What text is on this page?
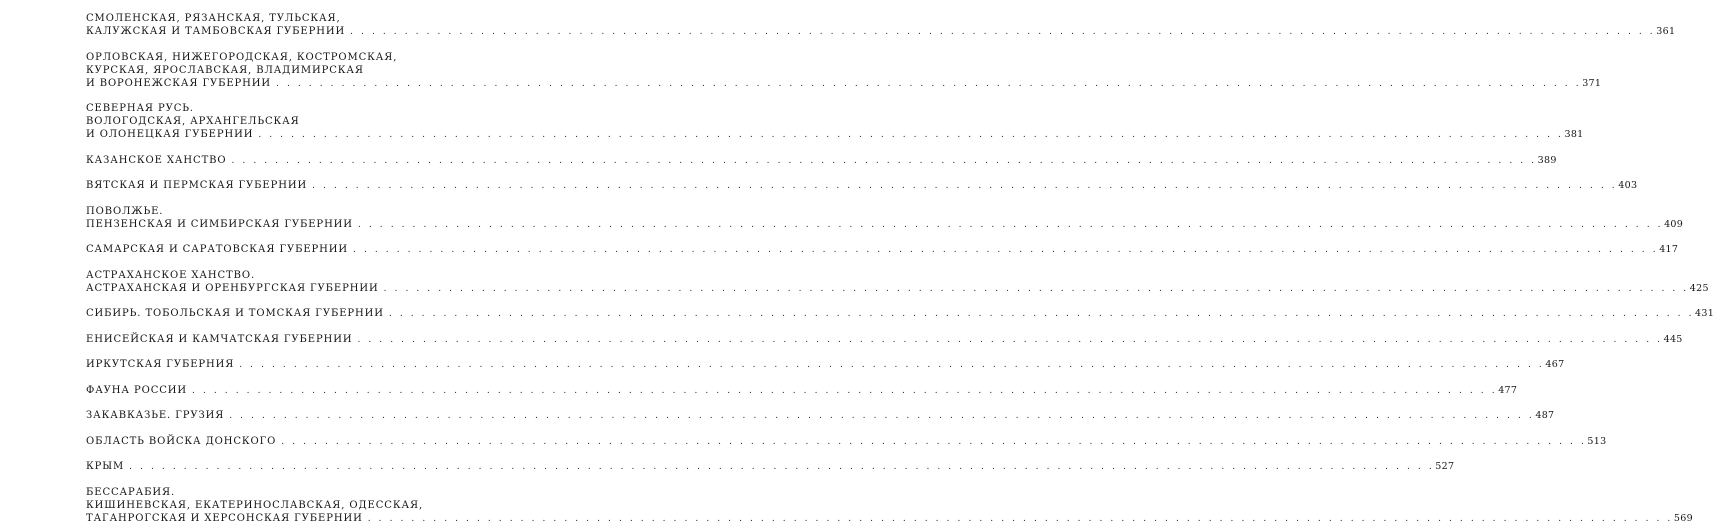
СМОЛЕНСКАЯ, РЯЗАНСКАЯ, ТУЛЬСКАЯ,
КАЛУЖСКАЯ И ТАМБОВСКАЯ ГУБЕРНИИ . . . . . . . . . . . . . . . . . . . . . . . . . . . . . . . . . . . . . . . . . . . . . . . . . . . . . . . . . . . . . . . . . . . . . . . . . . . . . . . . . . . . . . . . . . . . . . . . . . . . . . . . . . . . . . . . . . . . . . . . 361
ОРЛОВСКАЯ, НИЖЕГОРОДСКАЯ, КОСТРОМСКАЯ,
КУРСКАЯ, ЯРОСЛАВСКАЯ, ВЛАДИМИРСКАЯ
И ВОРОНЕЖСКАЯ ГУБЕРНИИ . . . . . . . . . . . . . . . . . . . . . . . . . . . . . . . . . . . . . . . . . . . . . . . . . . . . . . . . . . . . . . . . . . . . . . . . . . . . . . . . . . . . . . . . . . . . . . . . . . . . . . . . . . . . . . . . . . . . . . . . 371
СЕВЕРНАЯ РУСЬ.
ВОЛОГОДСКАЯ, АРХАНГЕЛЬСКАЯ
И ОЛОНЕЦКАЯ ГУБЕРНИИ . . . . . . . . . . . . . . . . . . . . . . . . . . . . . . . . . . . . . . . . . . . . . . . . . . . . . . . . . . . . . . . . . . . . . . . . . . . . . . . . . . . . . . . . . . . . . . . . . . . . . . . . . . . . . . . . . . . . . . . . 381
КАЗАНСКОЕ ХАНСТВО . . . . . . . . . . . . . . . . . . . . . . . . . . . . . . . . . . . . . . . . . . . . . . . . . . . . . . . . . . . . . . . . . . . . . . . . . . . . . . . . . . . . . . . . . . . . . . . . . . . . . . . . . . . . . . . . . . . . . . . . 389
ВЯТСКАЯ И ПЕРМСКАЯ ГУБЕРНИИ . . . . . . . . . . . . . . . . . . . . . . . . . . . . . . . . . . . . . . . . . . . . . . . . . . . . . . . . . . . . . . . . . . . . . . . . . . . . . . . . . . . . . . . . . . . . . . . . . . . . . . . . . . . . . . . . . . . . . . . . 403
ПОВОЛЖЬЕ.
ПЕНЗЕНСКАЯ И СИМБИРСКАЯ ГУБЕРНИИ . . . . . . . . . . . . . . . . . . . . . . . . . . . . . . . . . . . . . . . . . . . . . . . . . . . . . . . . . . . . . . . . . . . . . . . . . . . . . . . . . . . . . . . . . . . . . . . . . . . . . . . . . . . . . . . . . . . . . . . . 409
САМАРСКАЯ И САРАТОВСКАЯ ГУБЕРНИИ . . . . . . . . . . . . . . . . . . . . . . . . . . . . . . . . . . . . . . . . . . . . . . . . . . . . . . . . . . . . . . . . . . . . . . . . . . . . . . . . . . . . . . . . . . . . . . . . . . . . . . . . . . . . . . . . . . . . . . . . 417
АСТРАХАНСКОЕ ХАНСТВО.
АСТРАХАНСКАЯ И ОРЕНБУРГСКАЯ ГУБЕРНИИ . . . . . . . . . . . . . . . . . . . . . . . . . . . . . . . . . . . . . . . . . . . . . . . . . . . . . . . . . . . . . . . . . . . . . . . . . . . . . . . . . . . . . . . . . . . . . . . . . . . . . . . . . . . . . . . . . . . . . . . . 425
СИБИРЬ. ТОБОЛЬСКАЯ И ТОМСКАЯ ГУБЕРНИИ . . . . . . . . . . . . . . . . . . . . . . . . . . . . . . . . . . . . . . . . . . . . . . . . . . . . . . . . . . . . . . . . . . . . . . . . . . . . . . . . . . . . . . . . . . . . . . . . . . . . . . . . . . . . . . . . . . . . . . . . 431
ЕНИСЕЙСКАЯ И КАМЧАТСКАЯ ГУБЕРНИИ . . . . . . . . . . . . . . . . . . . . . . . . . . . . . . . . . . . . . . . . . . . . . . . . . . . . . . . . . . . . . . . . . . . . . . . . . . . . . . . . . . . . . . . . . . . . . . . . . . . . . . . . . . . . . . . . . . . . . . . . 445
ИРКУТСКАЯ ГУБЕРНИЯ . . . . . . . . . . . . . . . . . . . . . . . . . . . . . . . . . . . . . . . . . . . . . . . . . . . . . . . . . . . . . . . . . . . . . . . . . . . . . . . . . . . . . . . . . . . . . . . . . . . . . . . . . . . . . . . . . . . . . . . . 467
ФАУНА РОССИИ . . . . . . . . . . . . . . . . . . . . . . . . . . . . . . . . . . . . . . . . . . . . . . . . . . . . . . . . . . . . . . . . . . . . . . . . . . . . . . . . . . . . . . . . . . . . . . . . . . . . . . . . . . . . . . . . . . . . . . . . 477
ЗАКАВКАЗЬЕ. ГРУЗИЯ . . . . . . . . . . . . . . . . . . . . . . . . . . . . . . . . . . . . . . . . . . . . . . . . . . . . . . . . . . . . . . . . . . . . . . . . . . . . . . . . . . . . . . . . . . . . . . . . . . . . . . . . . . . . . . . . . . . . . . . . 487
ОБЛАСТЬ ВОЙСКА ДОНСКОГО . . . . . . . . . . . . . . . . . . . . . . . . . . . . . . . . . . . . . . . . . . . . . . . . . . . . . . . . . . . . . . . . . . . . . . . . . . . . . . . . . . . . . . . . . . . . . . . . . . . . . . . . . . . . . . . . . . . . . . . . 513
КРЫМ . . . . . . . . . . . . . . . . . . . . . . . . . . . . . . . . . . . . . . . . . . . . . . . . . . . . . . . . . . . . . . . . . . . . . . . . . . . . . . . . . . . . . . . . . . . . . . . . . . . . . . . . . . . . . . . . . . . . . . . . 527
БЕССАРАБИЯ.
КИШИНЕВСКАЯ, ЕКАТЕРИНОСЛАВСКАЯ, ОДЕССКАЯ,
ТАГАНРОГСКАЯ И ХЕРСОНСКАЯ ГУБЕРНИИ . . . . . . . . . . . . . . . . . . . . . . . . . . . . . . . . . . . . . . . . . . . . . . . . . . . . . . . . . . . . . . . . . . . . . . . . . . . . . . . . . . . . . . . . . . . . . . . . . . . . . . . . . . . . . . . . . . . . . . . . 569
